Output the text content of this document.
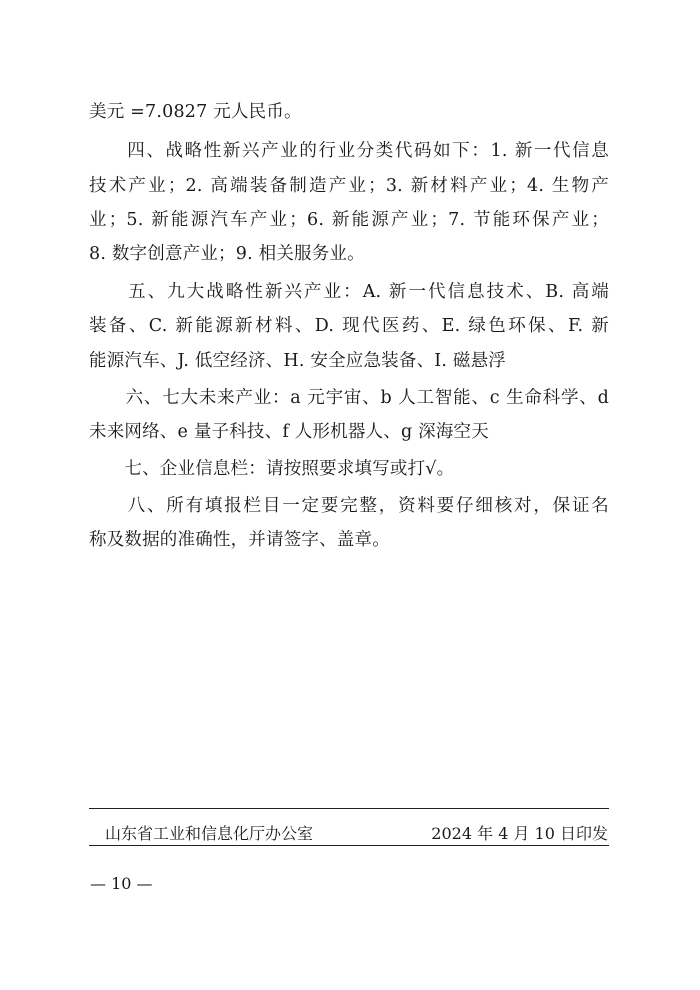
美元 =7.0827 元人民币。
　　四、战略性新兴产业的行业分类代码如下：1. 新一代信息
技术产业；2. 高端装备制造产业；3. 新材料产业；4. 生物产
业；5. 新能源汽车产业；6. 新能源产业；7. 节能环保产业；
8. 数字创意产业；9. 相关服务业。
　　五、九大战略性新兴产业：A. 新一代信息技术、B. 高端
装备、C. 新能源新材料、D. 现代医药、E. 绿色环保、F. 新
能源汽车、J. 低空经济、H. 安全应急装备、I. 磁悬浮
　　六、七大未来产业：a 元宇宙、b 人工智能、c 生命科学、d
未来网络、e 量子科技、f 人形机器人、g 深海空天
　　七、企业信息栏：请按照要求填写或打√。
　　八、所有填报栏目一定要完整，资料要仔细核对，保证名
称及数据的准确性，并请签字、盖章。
山东省工业和信息化厅办公室	2024 年 4 月 10 日印发
— 10 —
